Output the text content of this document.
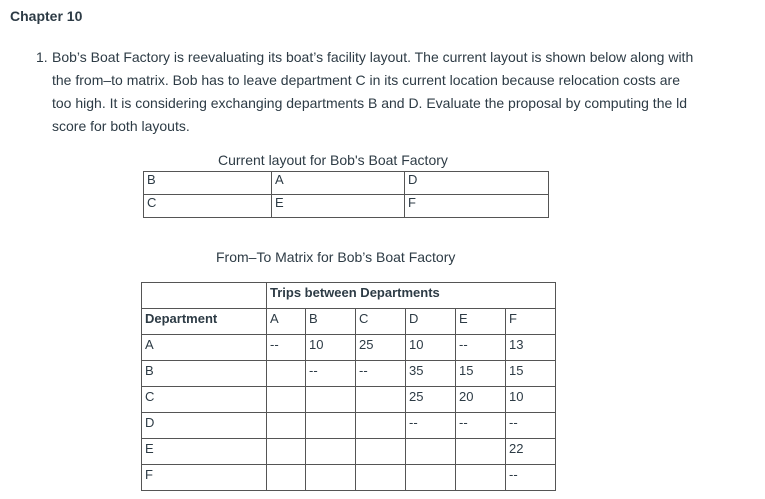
Chapter 10
1. Bob’s Boat Factory is reevaluating its boat’s facility layout. The current layout is shown below along with the from–to matrix. Bob has to leave department C in its current location because relocation costs are too high. It is considering exchanging departments B and D. Evaluate the proposal by computing the ld score for both layouts.
Current layout for Bob's Boat Factory
B	A	D
C	E	F
From–To Matrix for Bob’s Boat Factory
	Trips between Departments					
Department	A	B	C	D	E	F
A	--	10	25	10	--	13
B		--	--	35	15	15
C				25	20	10
D				--	--	--
E						22
F						--
